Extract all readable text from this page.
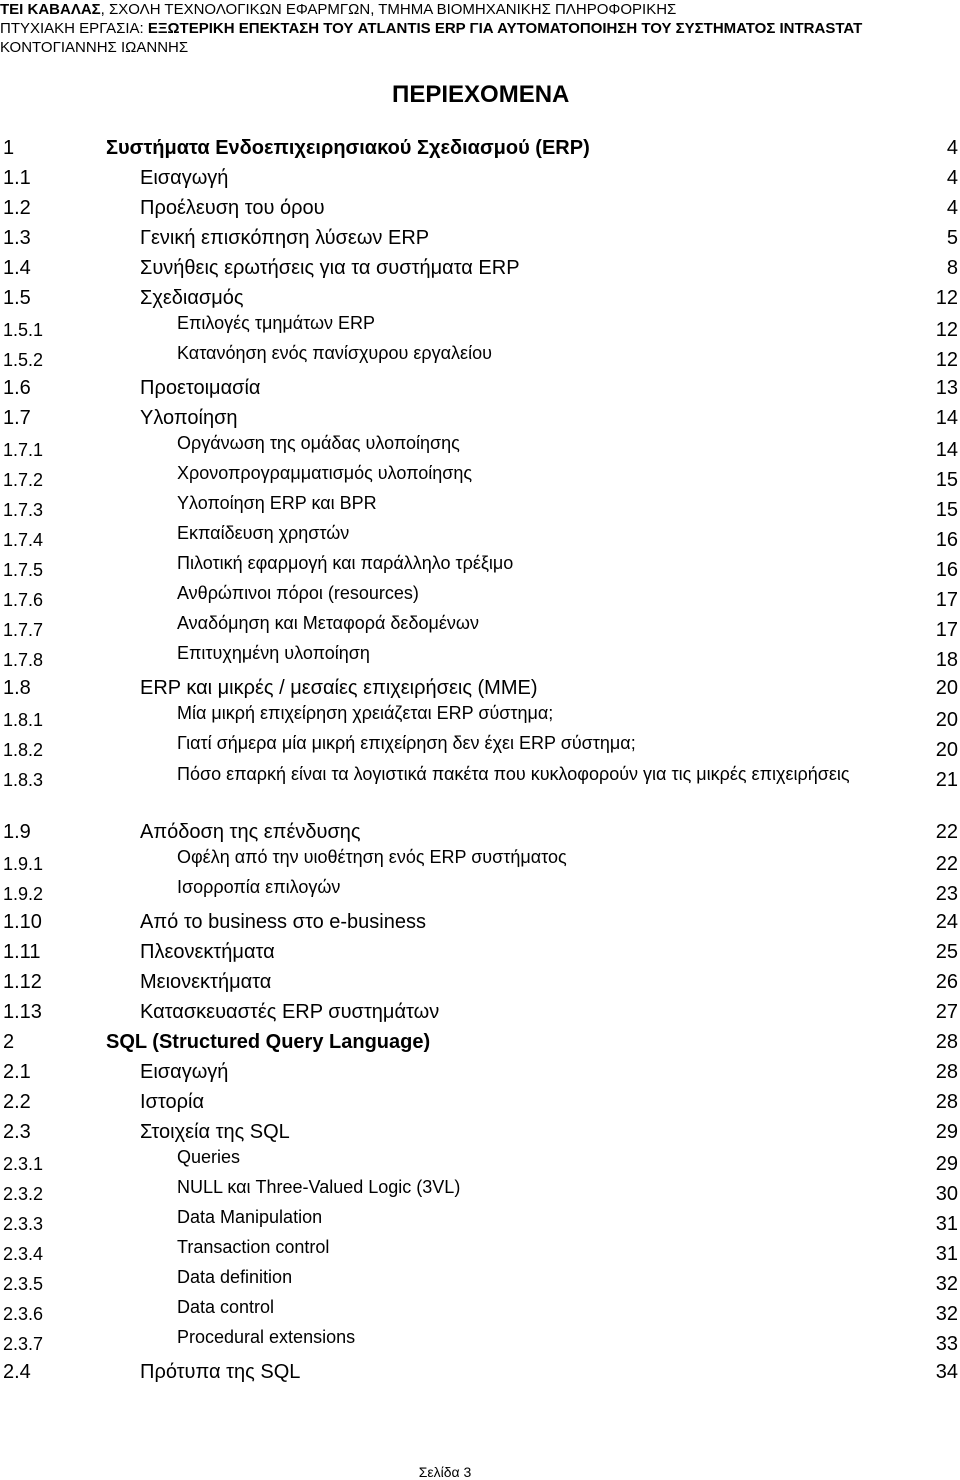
ΤΕΙ ΚΑΒΑΛΑΣ, ΣΧΟΛΗ ΤΕΧΝΟΛΟΓΙΚΩΝ ΕΦΑΡΜΓΩΝ, ΤΜΗΜΑ ΒΙΟΜΗΧΑΝΙΚΗΣ ΠΛΗΡΟΦΟΡΙΚΗΣ
ΠΤΥΧΙΑΚΗ ΕΡΓΑΣΙΑ: ΕΞΩΤΕΡΙΚΗ ΕΠΕΚΤΑΣΗ ΤΟΥ ATLANTIS ERP ΓΙΑ ΑΥΤΟΜΑΤΟΠΟΙΗΣΗ ΤΟΥ ΣΥΣΤΗΜΑΤΟΣ INTRASTAT
ΚΟΝΤΟΓΙΑΝΝΗΣ ΙΩΑΝΝΗΣ
ΠΕΡΙΕΧΟΜΕΝΑ
1	Συστήματα Ενδοεπιχειρησιακού Σχεδιασμού (ERP)	4
1.1	Εισαγωγή	4
1.2	Προέλευση του όρου	4
1.3	Γενική επισκόπηση λύσεων ERP	5
1.4	Συνήθεις ερωτήσεις για τα συστήματα ERP	8
1.5	Σχεδιασμός	12
1.5.1	Επιλογές τμημάτων ERP	12
1.5.2	Κατανόηση ενός πανίσχυρου εργαλείου	12
1.6	Προετοιμασία	13
1.7	Υλοποίηση	14
1.7.1	Οργάνωση της ομάδας υλοποίησης	14
1.7.2	Χρονοπρογραμματισμός υλοποίησης	15
1.7.3	Υλοποίηση ERP και BPR	15
1.7.4	Εκπαίδευση χρηστών	16
1.7.5	Πιλοτική εφαρμογή και παράλληλο τρέξιμο	16
1.7.6	Ανθρώπινοι πόροι (resources)	17
1.7.7	Αναδόμηση και Μεταφορά δεδομένων	17
1.7.8	Επιτυχημένη υλοποίηση	18
1.8	ERP και μικρές / μεσαίες επιχειρήσεις (ΜΜΕ)	20
1.8.1	Μία μικρή επιχείρηση χρειάζεται ERP σύστημα;	20
1.8.2	Γιατί σήμερα μία μικρή επιχείρηση δεν έχει ERP σύστημα;	20
1.8.3	Πόσο επαρκή είναι τα λογιστικά πακέτα που κυκλοφορούν για τις μικρές επιχειρήσεις	21
1.9	Απόδοση της επένδυσης	22
1.9.1	Οφέλη από την υιοθέτηση ενός ERP συστήματος	22
1.9.2	Ισορροπία επιλογών	23
1.10	Από το business στο e-business	24
1.11	Πλεονεκτήματα	25
1.12	Μειονεκτήματα	26
1.13	Κατασκευαστές ERP συστημάτων	27
2	SQL (Structured Query Language)	28
2.1	Εισαγωγή	28
2.2	Ιστορία	28
2.3	Στοιχεία της SQL	29
2.3.1	Queries	29
2.3.2	NULL και Three-Valued Logic (3VL)	30
2.3.3	Data Manipulation	31
2.3.4	Transaction control	31
2.3.5	Data definition	32
2.3.6	Data control	32
2.3.7	Procedural extensions	33
2.4	Πρότυπα της SQL	34
Σελίδα 3
